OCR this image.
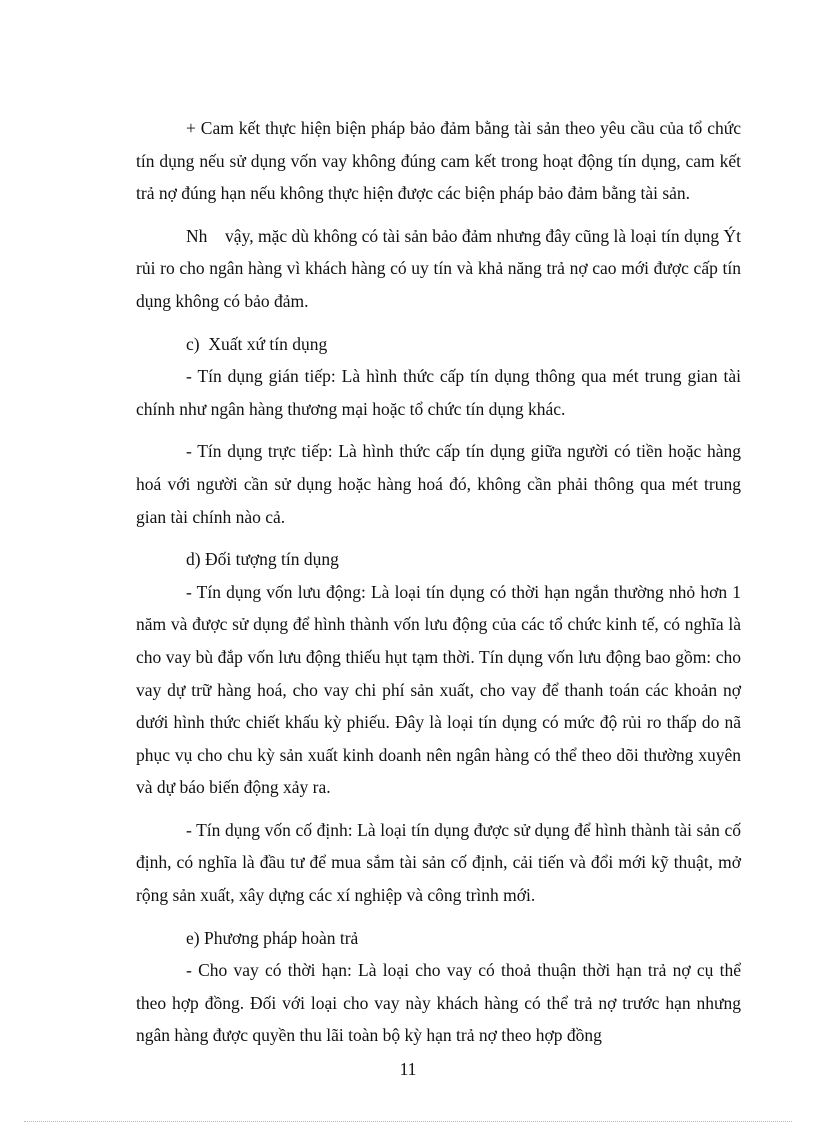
+ Cam kết thực hiện biện pháp bảo đảm bằng tài sản theo yêu cầu của tổ chức tín dụng nếu sử dụng vốn vay không đúng cam kết trong hoạt động tín dụng, cam kết trả nợ đúng hạn nếu không thực hiện được các biện pháp bảo đảm bằng tài sản.

Nh    vậy, mặc dù không có tài sản bảo đảm nhưng đây cũng là loại tín dụng Ýt rủi ro cho ngân hàng vì khách hàng có uy tín và khả năng trả nợ cao mới được cấp tín dụng không có bảo đảm.

c)  Xuất xứ tín dụng

- Tín dụng gián tiếp: Là hình thức cấp tín dụng thông qua mét trung gian tài chính như ngân hàng thương mại hoặc tổ chức tín dụng khác.

- Tín dụng trực tiếp: Là hình thức cấp tín dụng giữa người có tiền hoặc hàng hoá với người cần sử dụng hoặc hàng hoá đó, không cần phải thông qua mét trung gian tài chính nào cả.

d) Đối tượng tín dụng

- Tín dụng vốn lưu động: Là loại tín dụng có thời hạn ngắn thường nhỏ hơn 1 năm và được sử dụng để hình thành vốn lưu động của các tổ chức kinh tế, có nghĩa là cho vay bù đắp vốn lưu động thiếu hụt tạm thời. Tín dụng vốn lưu động bao gồm: cho vay dự trữ hàng hoá, cho vay chi phí sản xuất, cho vay để thanh toán các khoản nợ dưới hình thức chiết khấu kỳ phiếu. Đây là loại tín dụng có mức độ rủi ro thấp do nã phục vụ cho chu kỳ sản xuất kinh doanh nên ngân hàng có thể theo dõi thường xuyên và dự báo biến động xảy ra.

- Tín dụng vốn cố định: Là loại tín dụng được sử dụng để hình thành tài sản cố định, có nghĩa là đầu tư để mua sắm tài sản cố định, cải tiến và đổi mới kỹ thuật, mở rộng sản xuất, xây dựng các xí nghiệp và công trình mới.

e) Phương pháp hoàn trả

- Cho vay có thời hạn: Là loại cho vay có thoả thuận thời hạn trả nợ cụ thể theo hợp đồng. Đối với loại cho vay này khách hàng có thể trả nợ trước hạn nhưng ngân hàng được quyền thu lãi toàn bộ kỳ hạn trả nợ theo hợp đồng

11
